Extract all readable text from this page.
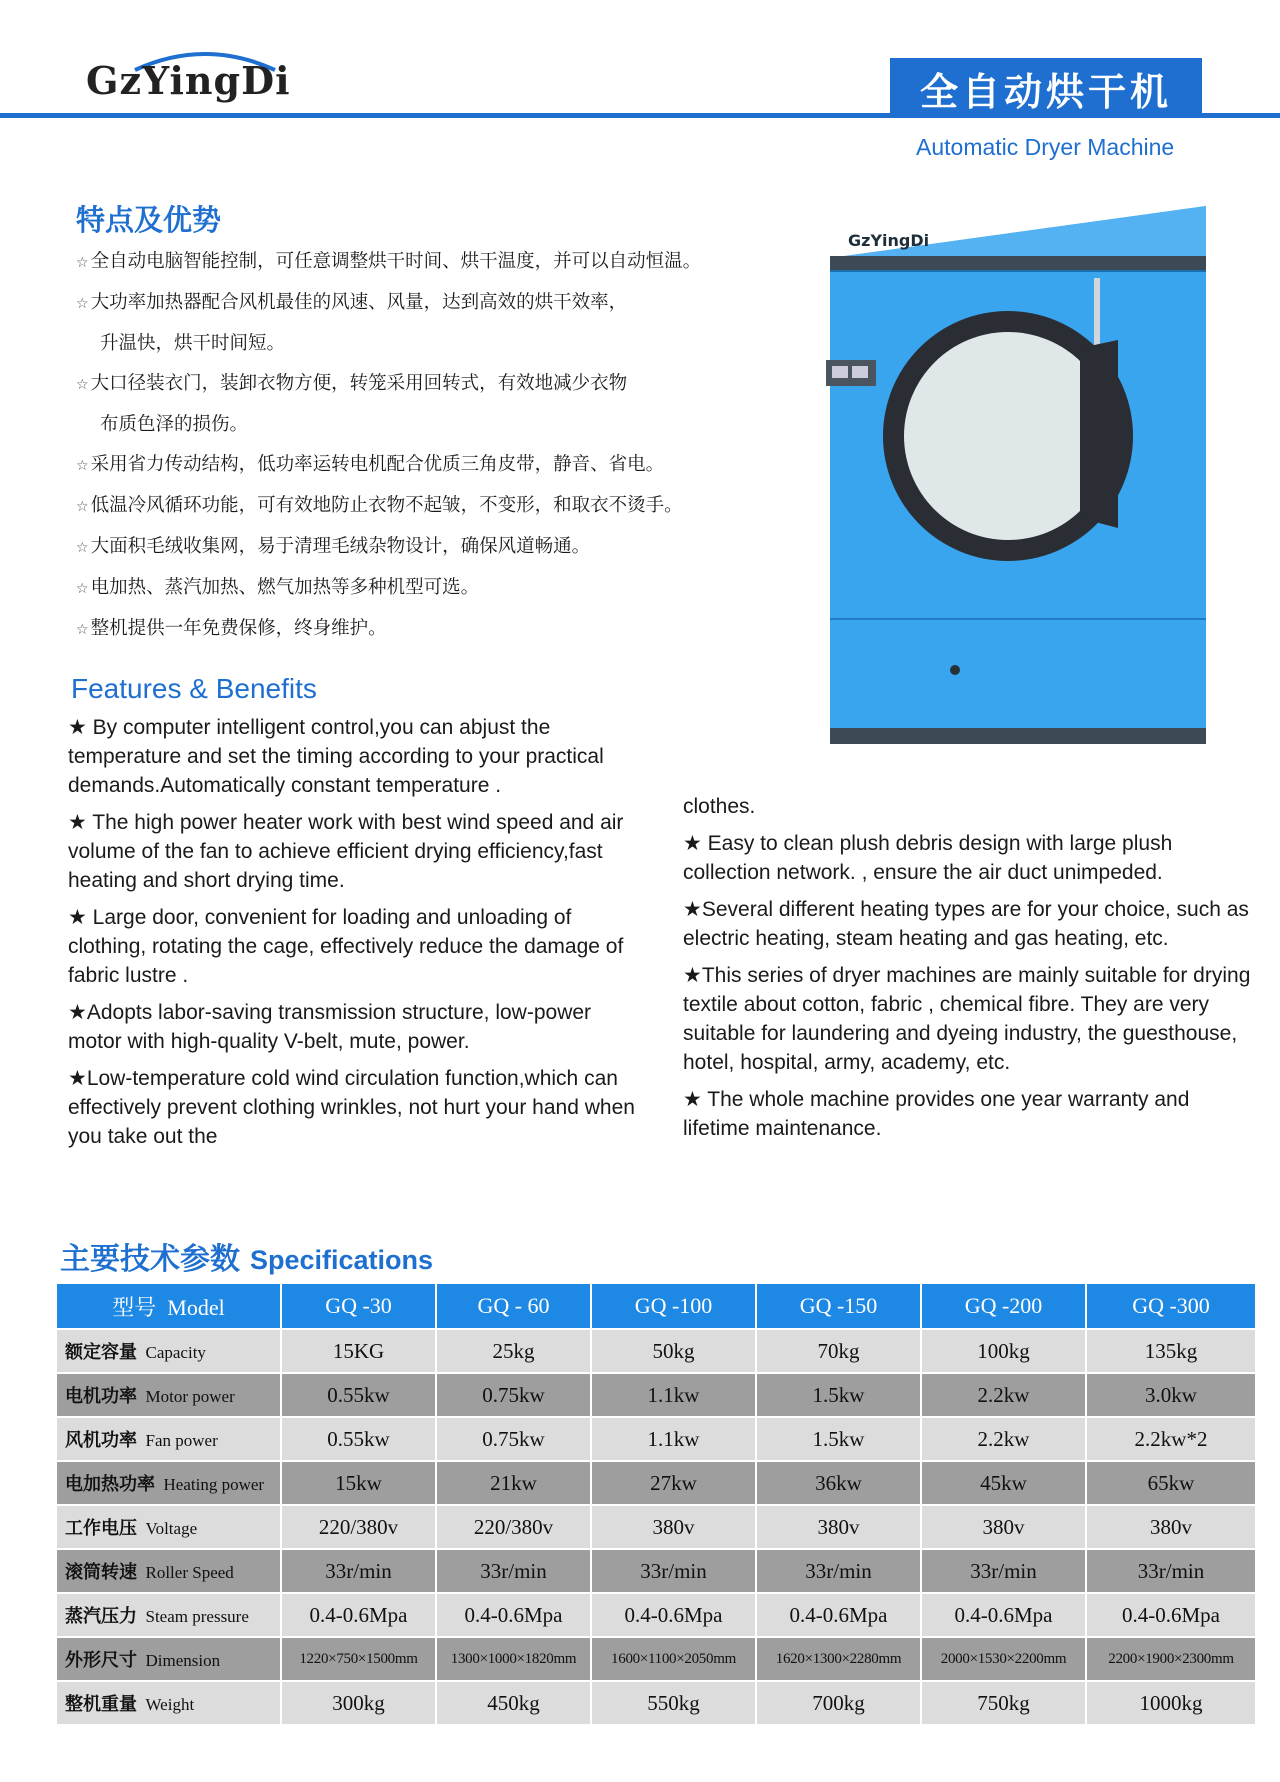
GzYingDi	全自动烘干机
Automatic Dryer Machine
特点及优势
☆ 全自动电脑智能控制，可任意调整烘干时间、烘干温度，并可以自动恒温。
☆ 大功率加热器配合风机最佳的风速、风量，达到高效的烘干效率，
升温快，烘干时间短。
☆ 大口径装衣门，装卸衣物方便，转笼采用回转式，有效地减少衣物
布质色泽的损伤。
☆ 采用省力传动结构，低功率运转电机配合优质三角皮带，静音、省电。
☆ 低温冷风循环功能，可有效地防止衣物不起皱，不变形，和取衣不烫手。
☆ 大面积毛绒收集网，易于清理毛绒杂物设计，确保风道畅通。
☆ 电加热、蒸汽加热、燃气加热等多种机型可选。
☆ 整机提供一年免费保修，终身维护。
GzYingDi
Features & Benefits

★ By computer intelligent control,you can abjust the temperature and set the timing according to your practical demands.Automatically constant temperature .

★ The high power heater work with best wind speed and air volume of the fan to achieve efficient drying efficiency,fast heating and short drying time.

★ Large door, convenient for loading and unloading of clothing, rotating the cage, effectively reduce the damage of fabric lustre .

★Adopts labor-saving transmission structure, low-power motor with high-quality V-belt, mute, power.

★Low-temperature cold wind circulation function,which can effectively prevent clothing wrinkles, not hurt your hand when you take out the

clothes.

★ Easy to clean plush debris design with large plush collection network. , ensure the air duct unimpeded.

★Several different heating types are for your choice, such as electric heating, steam heating and gas heating, etc.

★This series of dryer machines are mainly suitable for drying textile about cotton, fabric , chemical fibre. They are very suitable for laundering and dyeing industry, the guesthouse, hotel, hospital, army, academy, etc.

★ The whole machine provides one year warranty and lifetime maintenance.

主要技术参数 Specifications
型号 Model	GQ -30	GQ - 60	GQ -100	GQ -150	GQ -200	GQ -300
额定容量 Capacity	15KG	25kg	50kg	70kg	100kg	135kg
电机功率 Motor power	0.55kw	0.75kw	1.1kw	1.5kw	2.2kw	3.0kw
风机功率 Fan power	0.55kw	0.75kw	1.1kw	1.5kw	2.2kw	2.2kw*2
电加热功率 Heating power	15kw	21kw	27kw	36kw	45kw	65kw
工作电压 Voltage	220/380v	220/380v	380v	380v	380v	380v
滚筒转速 Roller Speed	33r/min	33r/min	33r/min	33r/min	33r/min	33r/min
蒸汽压力 Steam pressure	0.4-0.6Mpa	0.4-0.6Mpa	0.4-0.6Mpa	0.4-0.6Mpa	0.4-0.6Mpa	0.4-0.6Mpa
外形尺寸 Dimension	1220×750×1500mm	1300×1000×1820mm	1600×1100×2050mm	1620×1300×2280mm	2000×1530×2200mm	2200×1900×2300mm
整机重量 Weight	300kg	450kg	550kg	700kg	750kg	1000kg
